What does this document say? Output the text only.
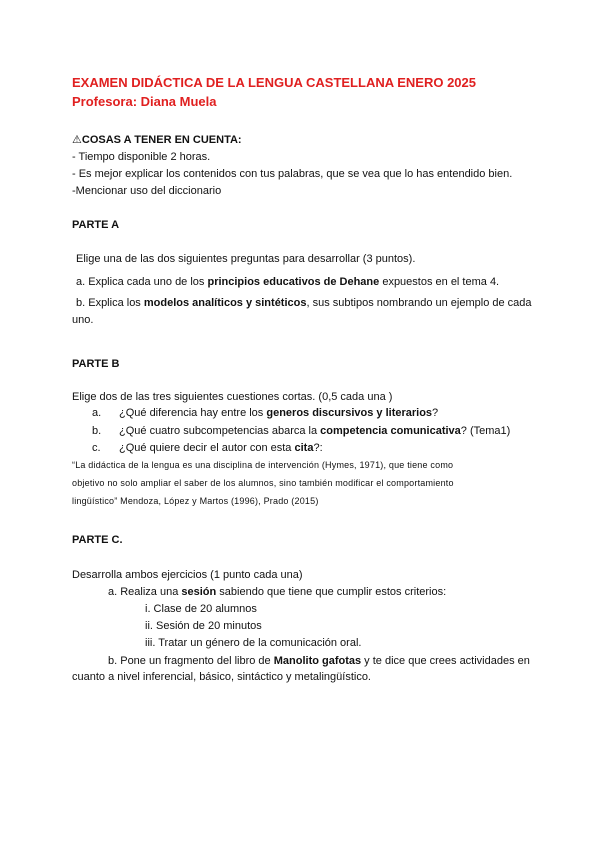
EXAMEN DIDÁCTICA DE LA LENGUA CASTELLANA ENERO 2025
Profesora: Diana Muela
⚠COSAS A TENER EN CUENTA:
- Tiempo disponible 2 horas.
- Es mejor explicar los contenidos con tus palabras, que se vea que lo has entendido bien.
-Mencionar uso del diccionario
PARTE A
Elige una de las dos siguientes preguntas para desarrollar (3 puntos).
a. Explica cada uno de los principios educativos de Dehane expuestos en el tema 4.
b. Explica los modelos analíticos y sintéticos, sus subtipos nombrando un ejemplo de cada
uno.
PARTE B
Elige dos de las tres siguientes cuestiones cortas. (0,5 cada una )
a. ¿Qué diferencia hay entre los generos discursivos y literarios?
b. ¿Qué cuatro subcompetencias abarca la competencia comunicativa? (Tema1)
c. ¿Qué quiere decir el autor con esta cita?:
“La didáctica de la lengua es una disciplina de intervención (Hymes, 1971), que tiene como
objetivo no solo ampliar el saber de los alumnos, sino también modificar el comportamiento
lingüístico” Mendoza, López y Martos (1996), Prado (2015)
PARTE C.
Desarrolla ambos ejercicios (1 punto cada una)
a. Realiza una sesión sabiendo que tiene que cumplir estos criterios:
i. Clase de 20 alumnos
ii. Sesión de 20 minutos
iii. Tratar un género de la comunicación oral.
b. Pone un fragmento del libro de Manolito gafotas y te dice que crees actividades en
cuanto a nivel inferencial, básico, sintáctico y metalingüístico.
